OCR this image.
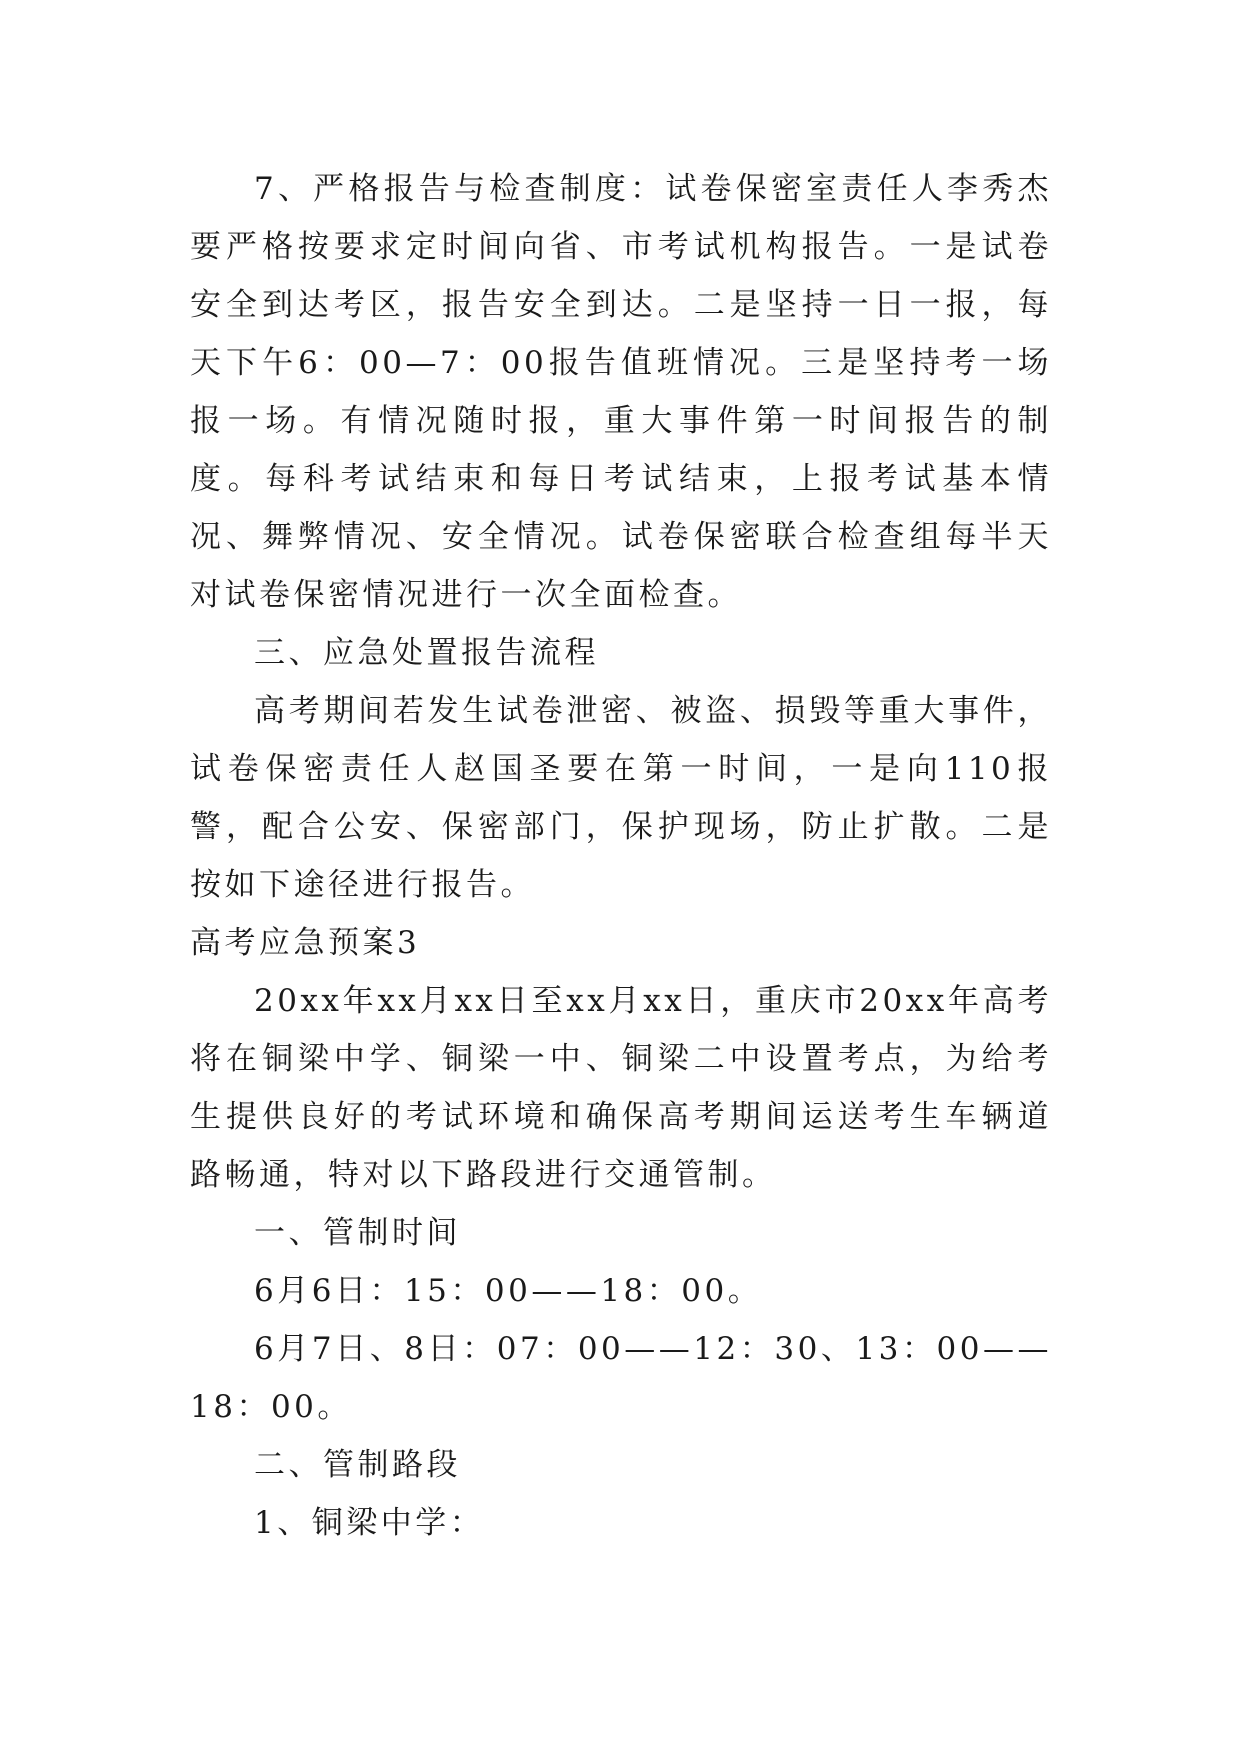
7、严格报告与检查制度：试卷保密室责任人李秀杰要严格按要求定时间向省、市考试机构报告。一是试卷安全到达考区，报告安全到达。二是坚持一日一报，每天下午6：00—7：00报告值班情况。三是坚持考一场报一场。有情况随时报，重大事件第一时间报告的制度。每科考试结束和每日考试结束，上报考试基本情况、舞弊情况、安全情况。试卷保密联合检查组每半天对试卷保密情况进行一次全面检查。

三、应急处置报告流程

高考期间若发生试卷泄密、被盗、损毁等重大事件，试卷保密责任人赵国圣要在第一时间，一是向110报警，配合公安、保密部门，保护现场，防止扩散。二是按如下途径进行报告。

高考应急预案3

20xx年xx月xx日至xx月xx日，重庆市20xx年高考将在铜梁中学、铜梁一中、铜梁二中设置考点，为给考生提供良好的考试环境和确保高考期间运送考生车辆道路畅通，特对以下路段进行交通管制。

一、管制时间

6月6日：15：00——18：00。

6月7日、8日：07：00——12：30、13：00——18：00。

二、管制路段

1、铜梁中学：
